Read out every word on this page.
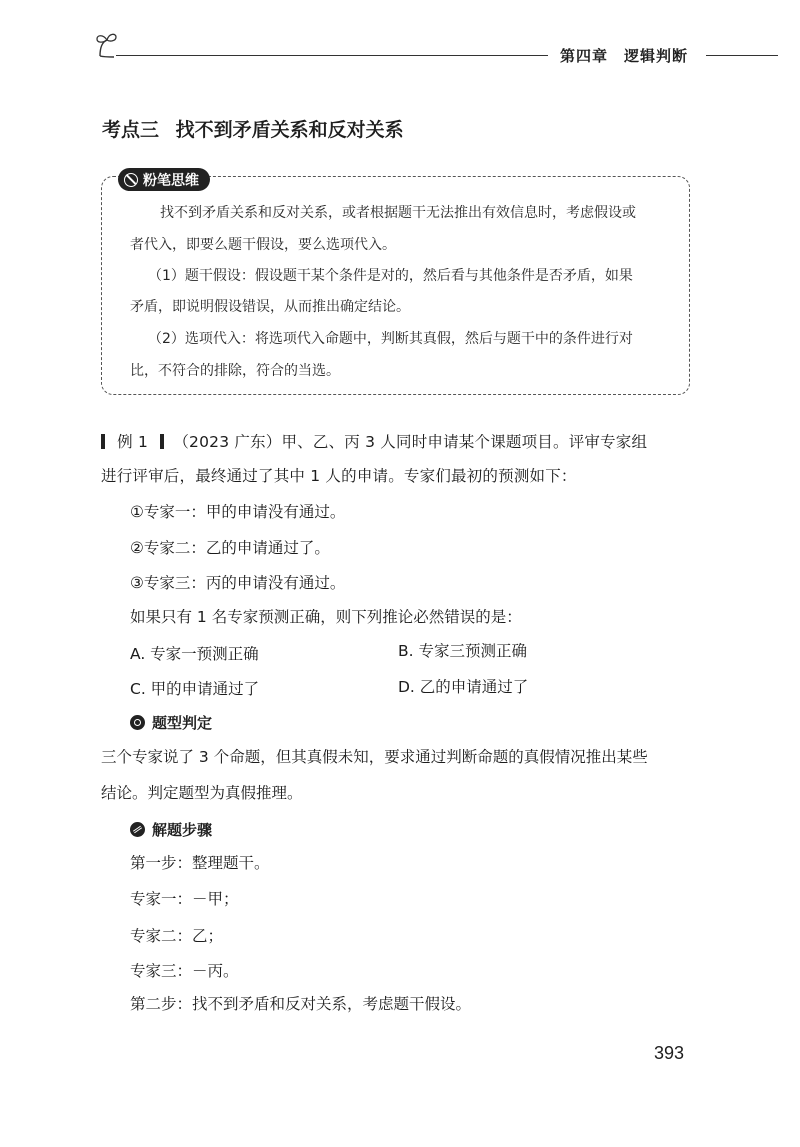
第四章 逻辑判断
考点三 找不到矛盾关系和反对关系
粉笔思维
找不到矛盾关系和反对关系，或者根据题干无法推出有效信息时，考虑假设或
者代入，即要么题干假设，要么选项代入。
（1）题干假设：假设题干某个条件是对的，然后看与其他条件是否矛盾，如果
矛盾，即说明假设错误，从而推出确定结论。
（2）选项代入：将选项代入命题中，判断其真假，然后与题干中的条件进行对
比，不符合的排除，符合的当选。
例 1 （2023 广东）甲、乙、丙 3 人同时申请某个课题项目。评审专家组
进行评审后，最终通过了其中 1 人的申请。专家们最初的预测如下：
①专家一：甲的申请没有通过。
②专家二：乙的申请通过了。
③专家三：丙的申请没有通过。
如果只有 1 名专家预测正确，则下列推论必然错误的是：
A. 专家一预测正确	B. 专家三预测正确
C. 甲的申请通过了	D. 乙的申请通过了
题型判定
三个专家说了 3 个命题，但其真假未知，要求通过判断命题的真假情况推出某些
结论。判定题型为真假推理。
解题步骤
第一步：整理题干。
专家一：－甲；
专家二：乙；
专家三：－丙。
第二步：找不到矛盾和反对关系，考虑题干假设。
393
